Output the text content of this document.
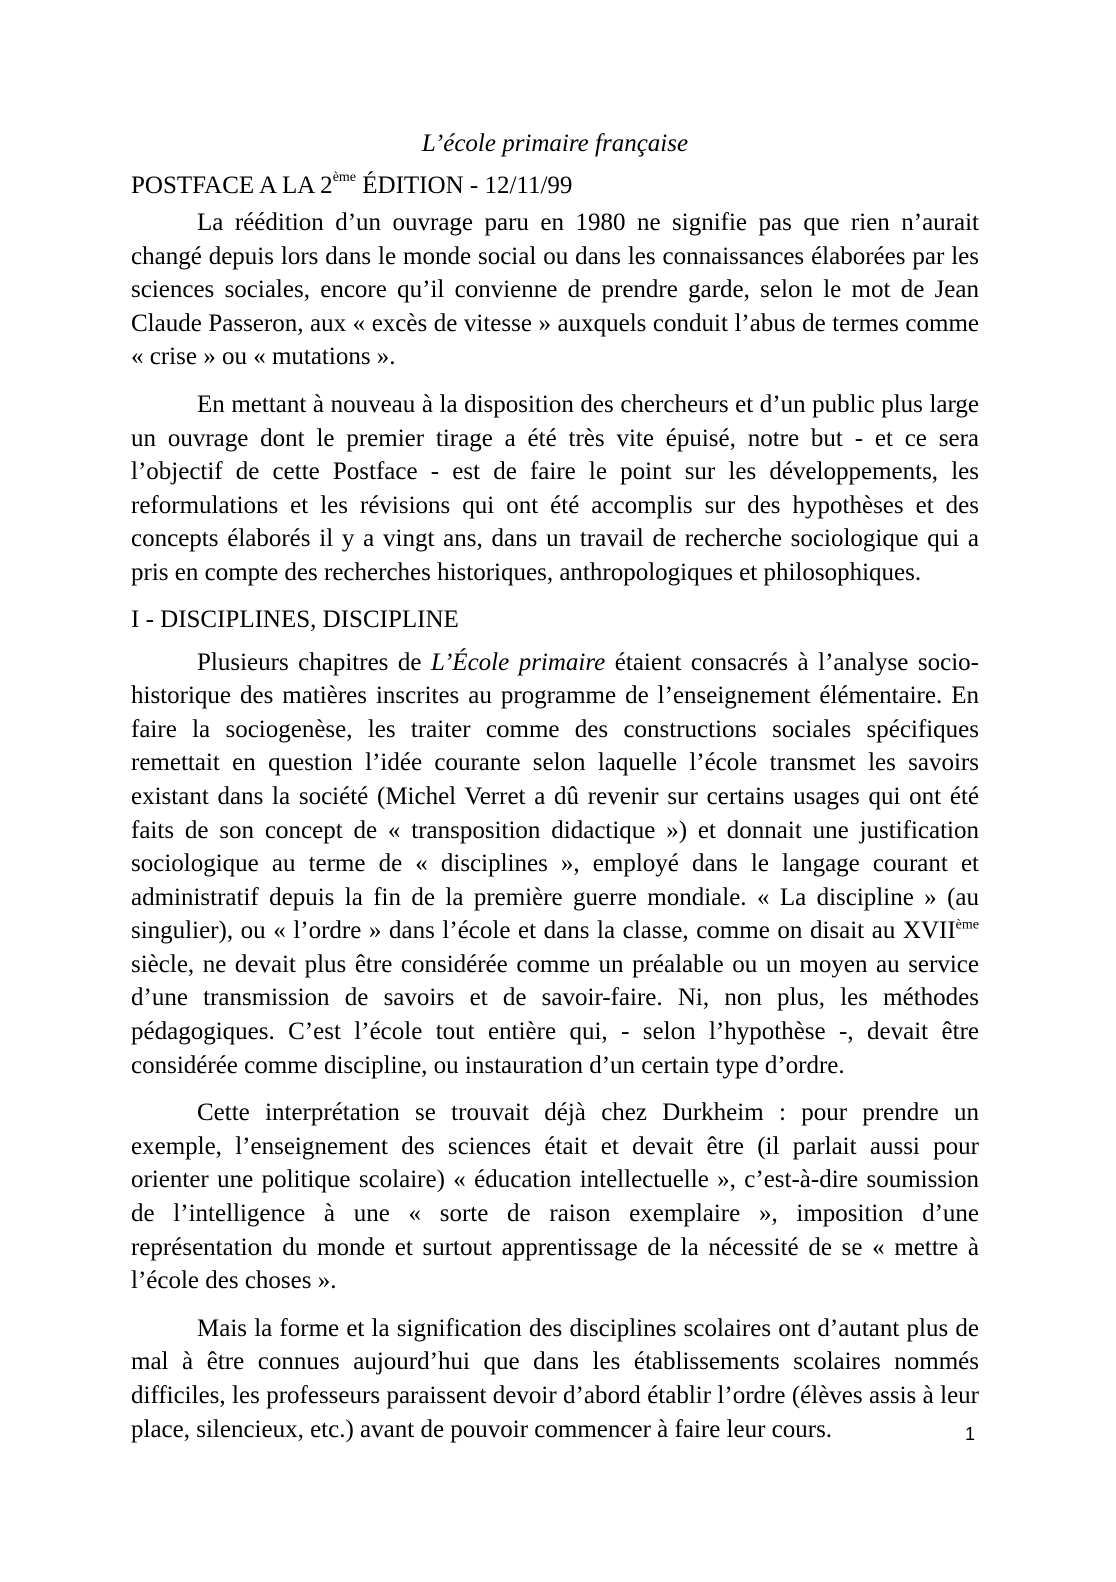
L’école primaire française
POSTFACE A LA 2ème ÉDITION - 12/11/99

La réédition d’un ouvrage paru en 1980 ne signifie pas que rien n’aurait changé depuis lors dans le monde social ou dans les connaissances élaborées par les sciences sociales, encore qu’il convienne de prendre garde, selon le mot de Jean Claude Passeron, aux « excès de vitesse » auxquels conduit l’abus de termes comme « crise » ou « mutations ».

En mettant à nouveau à la disposition des chercheurs et d’un public plus large un ouvrage dont le premier tirage a été très vite épuisé, notre but - et ce sera l’objectif de cette Postface - est de faire le point sur les développements, les reformulations et les révisions qui ont été accomplis sur des hypothèses et des concepts élaborés il y a vingt ans, dans un travail de recherche sociologique qui a pris en compte des recherches historiques, anthropologiques et philosophiques.

I - DISCIPLINES, DISCIPLINE

Plusieurs chapitres de L’École primaire étaient consacrés à l’analyse socio-historique des matières inscrites au programme de l’enseignement élémentaire. En faire la sociogenèse, les traiter comme des constructions sociales spécifiques remettait en question l’idée courante selon laquelle l’école transmet les savoirs existant dans la société (Michel Verret a dû revenir sur certains usages qui ont été faits de son concept de « transposition didactique ») et donnait une justification sociologique au terme de « disciplines », employé dans le langage courant et administratif depuis la fin de la première guerre mondiale. « La discipline » (au singulier), ou « l’ordre » dans l’école et dans la classe, comme on disait au XVIIème siècle, ne devait plus être considérée comme un préalable ou un moyen au service d’une transmission de savoirs et de savoir-faire. Ni, non plus, les méthodes pédagogiques. C’est l’école tout entière qui, - selon l’hypothèse -, devait être considérée comme discipline, ou instauration d’un certain type d’ordre.

Cette interprétation se trouvait déjà chez Durkheim : pour prendre un exemple, l’enseignement des sciences était et devait être (il parlait aussi pour orienter une politique scolaire) « éducation intellectuelle », c’est-à-dire soumission de l’intelligence à une « sorte de raison exemplaire », imposition d’une représentation du monde et surtout apprentissage de la nécessité de se « mettre à l’école des choses ».

Mais la forme et la signification des disciplines scolaires ont d’autant plus de mal à être connues aujourd’hui que dans les établissements scolaires nommés difficiles, les professeurs paraissent devoir d’abord établir l’ordre (élèves assis à leur place, silencieux, etc.) avant de pouvoir commencer à faire leur cours.	1
